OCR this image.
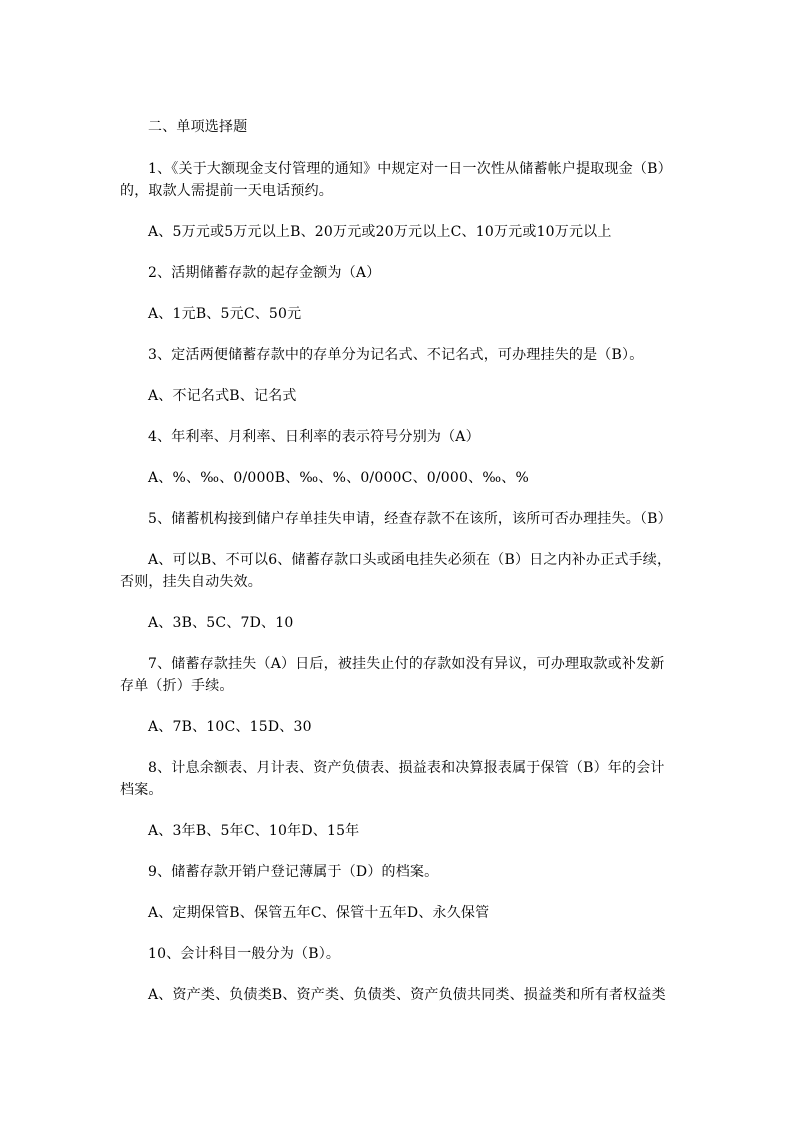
二、单项选择题

1、《关于大额现金支付管理的通知》中规定对一日一次性从储蓄帐户提取现金（B）的，取款人需提前一天电话预约。

A、5万元或5万元以上B、20万元或20万元以上C、10万元或10万元以上

2、活期储蓄存款的起存金额为（A）

A、1元B、5元C、50元

3、定活两便储蓄存款中的存单分为记名式、不记名式，可办理挂失的是（B）。

A、不记名式B、记名式

4、年利率、月利率、日利率的表示符号分别为（A）

A、%、‰、0/000B、‰、%、0/000C、0/000、‰、%

5、储蓄机构接到储户存单挂失申请，经查存款不在该所，该所可否办理挂失。（B）

A、可以B、不可以6、储蓄存款口头或函电挂失必须在（B）日之内补办正式手续，否则，挂失自动失效。

A、3B、5C、7D、10

7、储蓄存款挂失（A）日后，被挂失止付的存款如没有异议，可办理取款或补发新存单（折）手续。

A、7B、10C、15D、30

8、计息余额表、月计表、资产负债表、损益表和决算报表属于保管（B）年的会计档案。

A、3年B、5年C、10年D、15年

9、储蓄存款开销户登记薄属于（D）的档案。

A、定期保管B、保管五年C、保管十五年D、永久保管

10、会计科目一般分为（B）。

A、资产类、负债类B、资产类、负债类、资产负债共同类、损益类和所有者权益类
